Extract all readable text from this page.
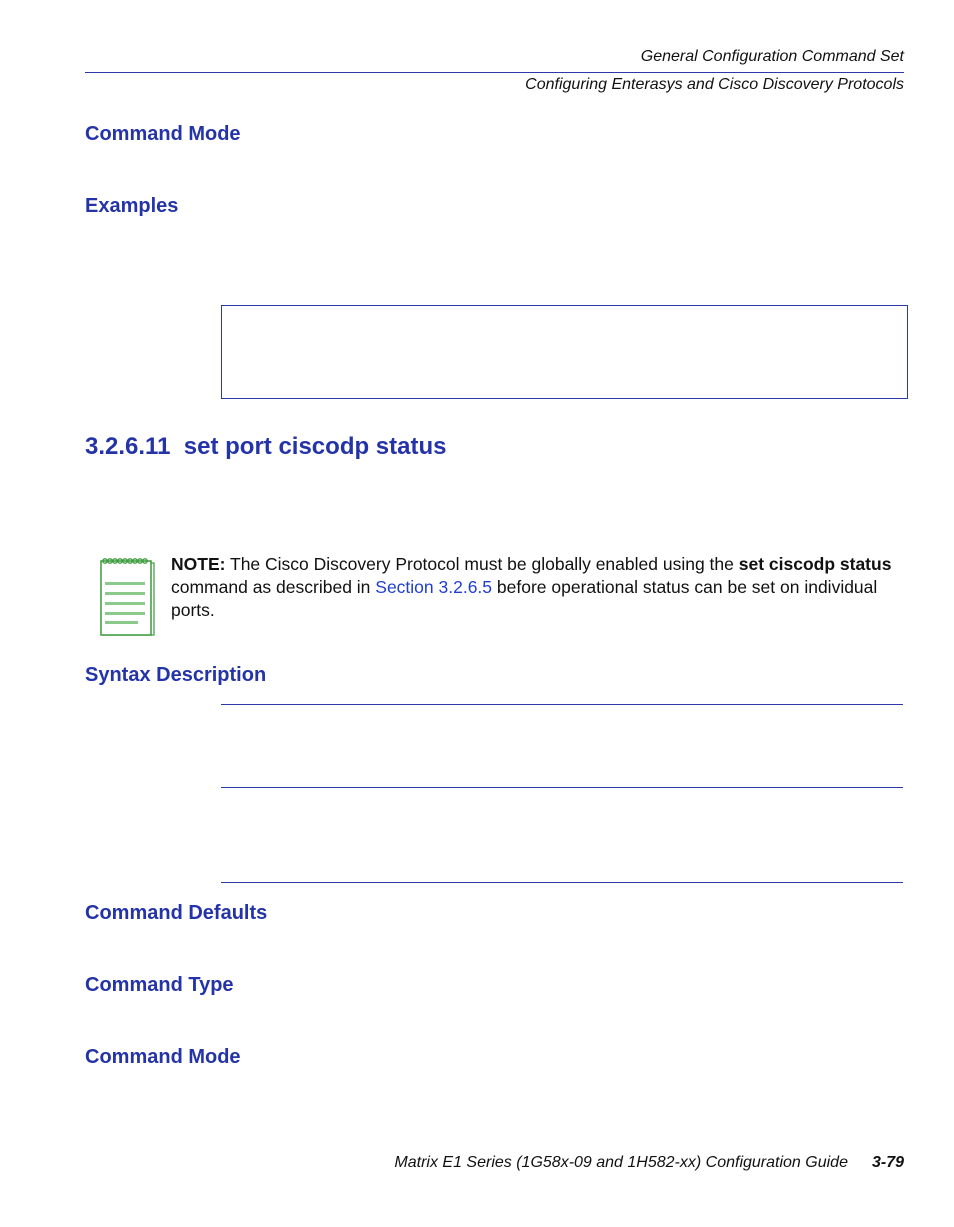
General Configuration Command Set
Configuring Enterasys and Cisco Discovery Protocols
Command Mode
Examples
3.2.6.11 set port ciscodp status
NOTE: The Cisco Discovery Protocol must be globally enabled using the set ciscodp status command as described in Section 3.2.6.5 before operational status can be set on individual ports.
Syntax Description
Command Defaults
Command Type
Command Mode
Matrix E1 Series (1G58x-09 and 1H582-xx) Configuration Guide 3-79
